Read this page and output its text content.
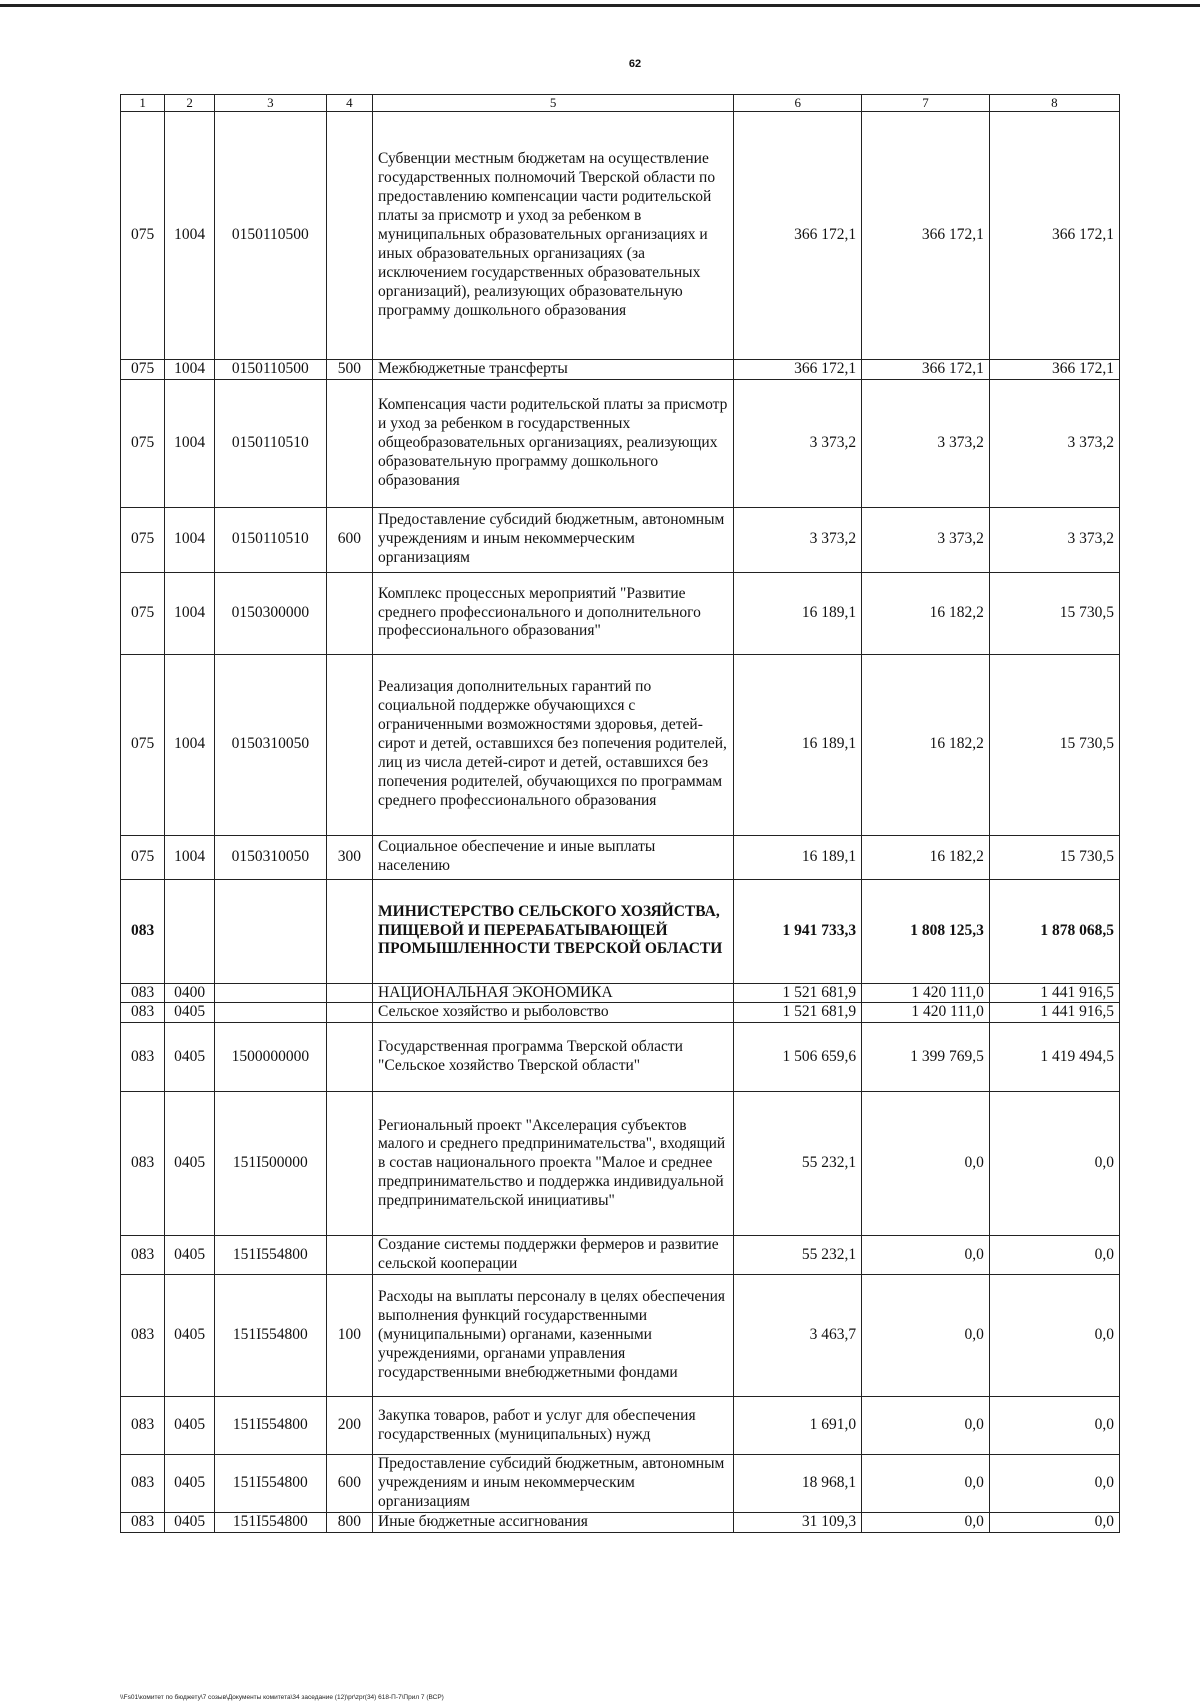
62
1	2	3	4	5	6	7	8
075	1004	0150110500		Субвенции местным бюджетам на осуществление государственных полномочий Тверской области по предоставлению компенсации части родительской платы за присмотр и уход за ребенком в муниципальных образовательных организациях и иных образовательных организациях (за исключением государственных образовательных организаций), реализующих образовательную программу дошкольного образования	366 172,1	366 172,1	366 172,1
075	1004	0150110500	500	Межбюджетные трансферты	366 172,1	366 172,1	366 172,1
075	1004	0150110510		Компенсация части родительской платы за присмотр и уход за ребенком в государственных общеобразовательных организациях, реализующих образовательную программу дошкольного образования	3 373,2	3 373,2	3 373,2
075	1004	0150110510	600	Предоставление субсидий бюджетным, автономным учреждениям и иным некоммерческим организациям	3 373,2	3 373,2	3 373,2
075	1004	0150300000		Комплекс процессных мероприятий "Развитие среднего профессионального и дополнительного профессионального образования"	16 189,1	16 182,2	15 730,5
075	1004	0150310050		Реализация дополнительных гарантий по социальной поддержке обучающихся с ограниченными возможностями здоровья, детей-сирот и детей, оставшихся без попечения родителей, лиц из числа детей-сирот и детей, оставшихся без попечения родителей, обучающихся по программам среднего профессионального образования	16 189,1	16 182,2	15 730,5
075	1004	0150310050	300	Социальное обеспечение и иные выплаты населению	16 189,1	16 182,2	15 730,5
083				МИНИСТЕРСТВО СЕЛЬСКОГО ХОЗЯЙСТВА, ПИЩЕВОЙ И ПЕРЕРАБАТЫВАЮЩЕЙ ПРОМЫШЛЕННОСТИ ТВЕРСКОЙ ОБЛАСТИ	1 941 733,3	1 808 125,3	1 878 068,5
083	0400			НАЦИОНАЛЬНАЯ ЭКОНОМИКА	1 521 681,9	1 420 111,0	1 441 916,5
083	0405			Сельское хозяйство и рыболовство	1 521 681,9	1 420 111,0	1 441 916,5
083	0405	1500000000		Государственная программа Тверской области "Сельское хозяйство Тверской области"	1 506 659,6	1 399 769,5	1 419 494,5
083	0405	151I500000		Региональный проект "Акселерация субъектов малого и среднего предпринимательства", входящий в состав национального проекта "Малое и среднее предпринимательство и поддержка индивидуальной предпринимательской инициативы"	55 232,1	0,0	0,0
083	0405	151I554800		Создание системы поддержки фермеров и развитие сельской кооперации	55 232,1	0,0	0,0
083	0405	151I554800	100	Расходы на выплаты персоналу в целях обеспечения выполнения функций государственными (муниципальными) органами, казенными учреждениями, органами управления государственными внебюджетными фондами	3 463,7	0,0	0,0
083	0405	151I554800	200	Закупка товаров, работ и услуг для обеспечения государственных (муниципальных) нужд	1 691,0	0,0	0,0
083	0405	151I554800	600	Предоставление субсидий бюджетным, автономным учреждениям и иным некоммерческим организациям	18 968,1	0,0	0,0
083	0405	151I554800	800	Иные бюджетные ассигнования	31 109,3	0,0	0,0
\\Fs01\комитет по бюджету\7 созыв\Документы комитета\34 заседание (12)\pr\zpr(34) 618-П-7\Прил 7 (ВСР)
